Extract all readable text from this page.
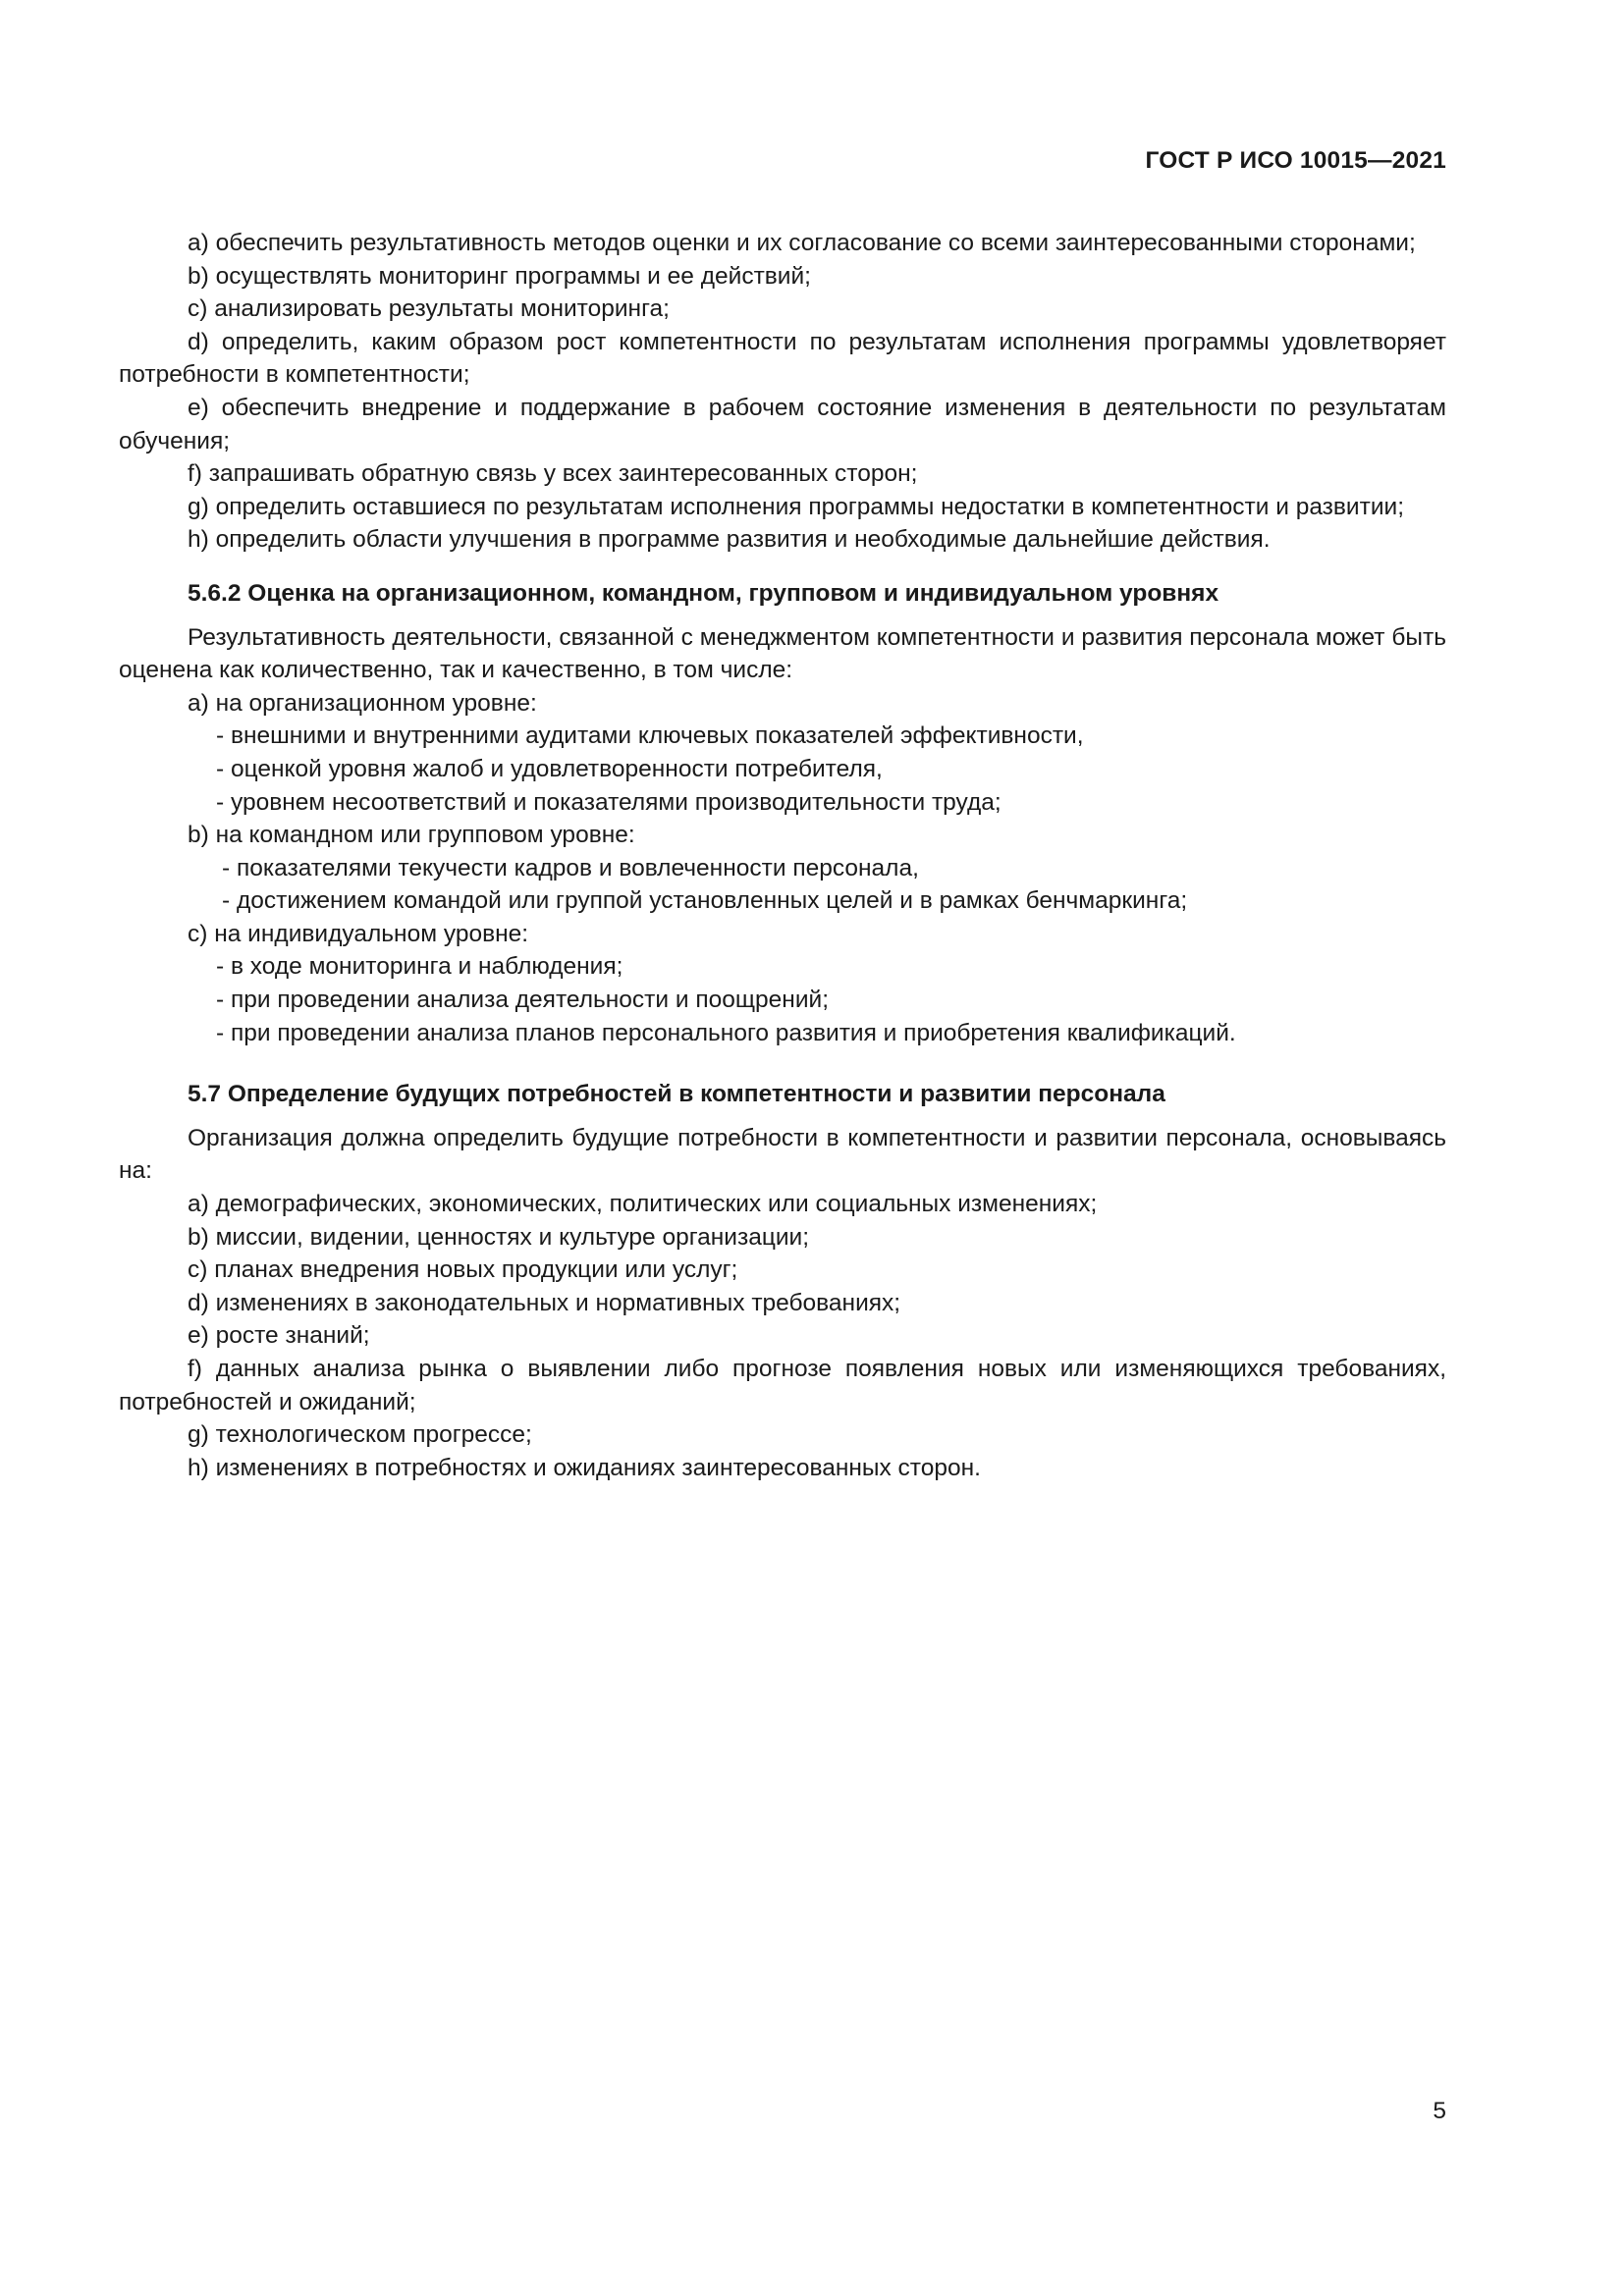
ГОСТ Р ИСО 10015—2021

a) обеспечить результативность методов оценки и их согласование со всеми заинтересованными сторонами;

b) осуществлять мониторинг программы и ее действий;

c) анализировать результаты мониторинга;

d) определить, каким образом рост компетентности по результатам исполнения программы удовлетворяет потребности в компетентности;

e) обеспечить внедрение и поддержание в рабочем состояние изменения в деятельности по результатам обучения;

f) запрашивать обратную связь у всех заинтересованных сторон;

g) определить оставшиеся по результатам исполнения программы недостатки в компетентности и развитии;

h) определить области улучшения в программе развития и необходимые дальнейшие действия.

5.6.2 Оценка на организационном, командном, групповом и индивидуальном уровнях

Результативность деятельности, связанной с менеджментом компетентности и развития персонала может быть оценена как количественно, так и качественно, в том числе:

a) на организационном уровне:

- внешними и внутренними аудитами ключевых показателей эффективности,

- оценкой уровня жалоб и удовлетворенности потребителя,

- уровнем несоответствий и показателями производительности труда;

b) на командном или групповом уровне:

- показателями текучести кадров и вовлеченности персонала,

- достижением командой или группой установленных целей и в рамках бенчмаркинга;

c) на индивидуальном уровне:

- в ходе мониторинга и наблюдения;

- при проведении анализа деятельности и поощрений;

- при проведении анализа планов персонального развития и приобретения квалификаций.

5.7 Определение будущих потребностей в компетентности и развитии персонала

Организация должна определить будущие потребности в компетентности и развитии персонала, основываясь на:

a) демографических, экономических, политических или социальных изменениях;

b) миссии, видении, ценностях и культуре организации;

c) планах внедрения новых продукции или услуг;

d) изменениях в законодательных и нормативных требованиях;

e) росте знаний;

f) данных анализа рынка о выявлении либо прогнозе появления новых или изменяющихся требованиях, потребностей и ожиданий;

g) технологическом прогрессе;

h) изменениях в потребностях и ожиданиях заинтересованных сторон.

5
